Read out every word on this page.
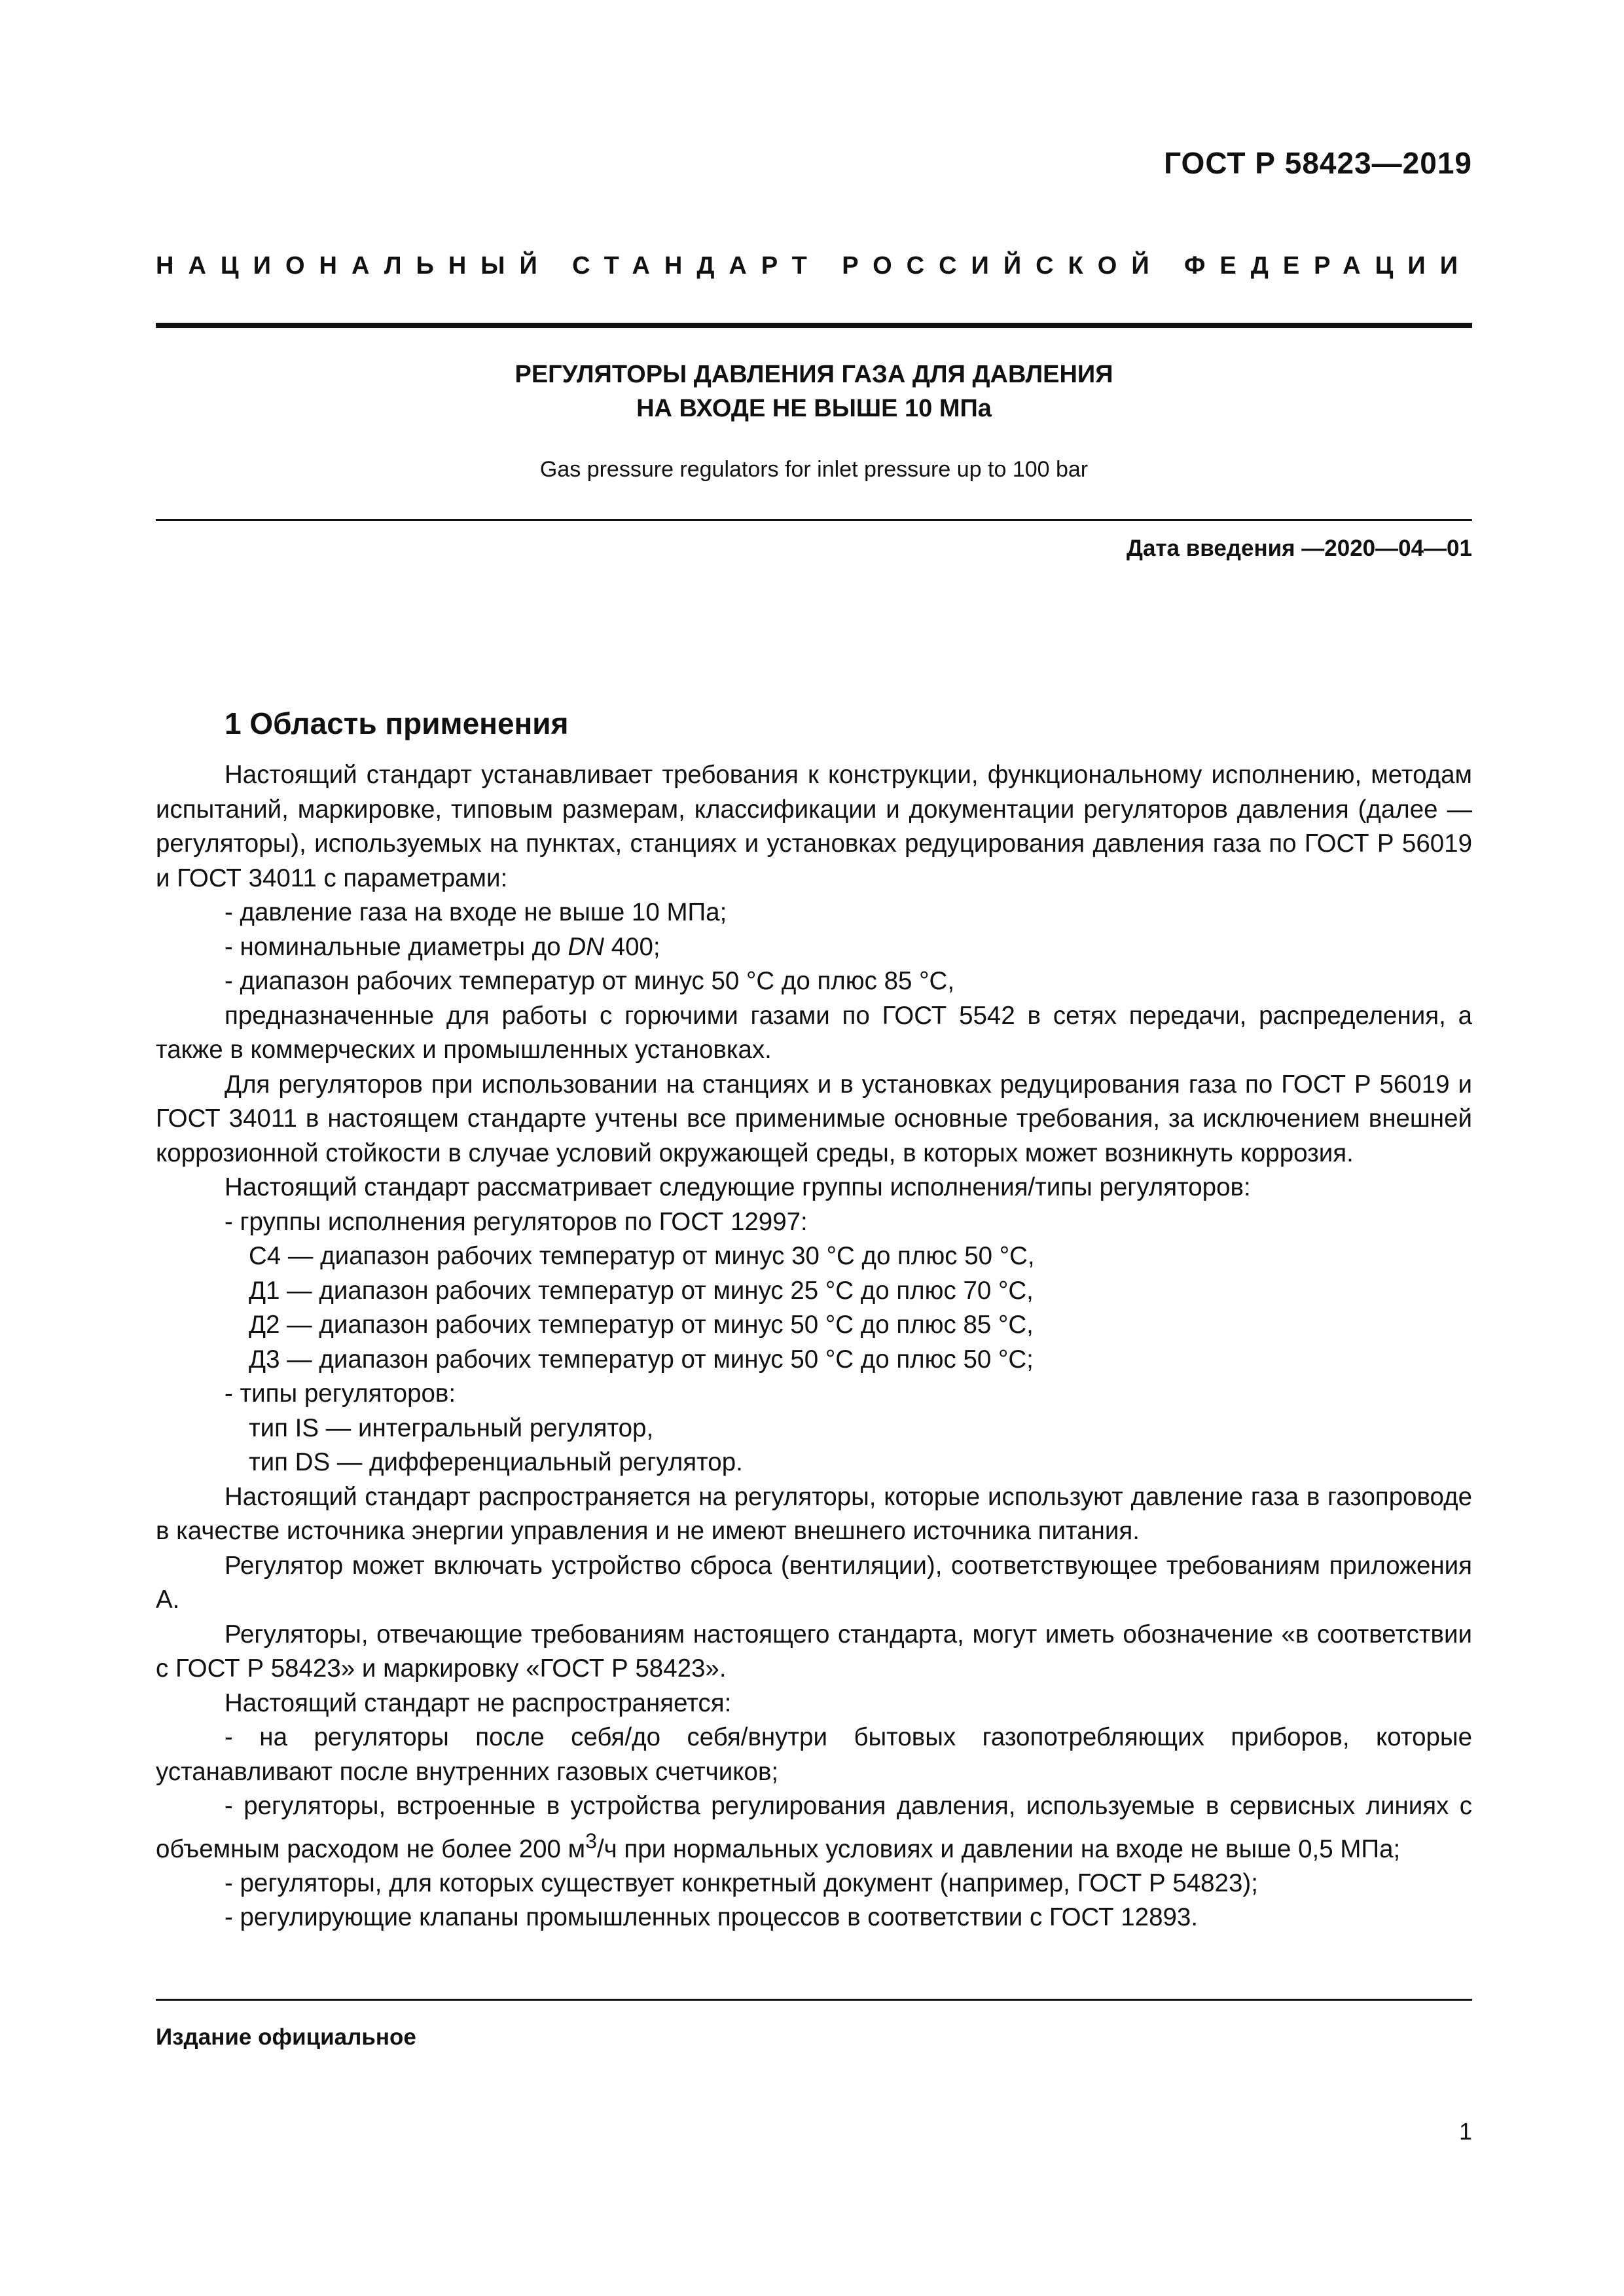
ГОСТ Р 58423—2019
НАЦИОНАЛЬНЫЙ СТАНДАРТ РОССИЙСКОЙ ФЕДЕРАЦИИ
РЕГУЛЯТОРЫ ДАВЛЕНИЯ ГАЗА ДЛЯ ДАВЛЕНИЯ
НА ВХОДЕ НЕ ВЫШЕ 10 МПа
Gas pressure regulators for inlet pressure up to 100 bar
Дата введения —2020—04—01
1 Область применения

Настоящий стандарт устанавливает требования к конструкции, функциональному исполнению, методам испытаний, маркировке, типовым размерам, классификации и документации регуляторов давления (далее — регуляторы), используемых на пунктах, станциях и установках редуцирования давления газа по ГОСТ Р 56019 и ГОСТ 34011 с параметрами:

- давление газа на входе не выше 10 МПа;

- номинальные диаметры до DN 400;

- диапазон рабочих температур от минус 50 °С до плюс 85 °С,

предназначенные для работы с горючими газами по ГОСТ 5542 в сетях передачи, распределения, а также в коммерческих и промышленных установках.

Для регуляторов при использовании на станциях и в установках редуцирования газа по ГОСТ Р 56019 и ГОСТ 34011 в настоящем стандарте учтены все применимые основные требования, за исключением внешней коррозионной стойкости в случае условий окружающей среды, в которых может возникнуть коррозия.

Настоящий стандарт рассматривает следующие группы исполнения/типы регуляторов:

- группы исполнения регуляторов по ГОСТ 12997:

С4 — диапазон рабочих температур от минус 30 °С до плюс 50 °С,

Д1 — диапазон рабочих температур от минус 25 °С до плюс 70 °С,

Д2 — диапазон рабочих температур от минус 50 °С до плюс 85 °С,

Д3 — диапазон рабочих температур от минус 50 °С до плюс 50 °С;

- типы регуляторов:

тип IS — интегральный регулятор,

тип DS — дифференциальный регулятор.

Настоящий стандарт распространяется на регуляторы, которые используют давление газа в газопроводе в качестве источника энергии управления и не имеют внешнего источника питания.

Регулятор может включать устройство сброса (вентиляции), соответствующее требованиям приложения А.

Регуляторы, отвечающие требованиям настоящего стандарта, могут иметь обозначение «в соответствии с ГОСТ Р 58423» и маркировку «ГОСТ Р 58423».

Настоящий стандарт не распространяется:

- на регуляторы после себя/до себя/внутри бытовых газопотребляющих приборов, которые устанавливают после внутренних газовых счетчиков;

- регуляторы, встроенные в устройства регулирования давления, используемые в сервисных линиях с объемным расходом не более 200 $м^3/ч$ при нормальных условиях и давлении на входе не выше 0,5 МПа;

- регуляторы, для которых существует конкретный документ (например, ГОСТ Р 54823);

- регулирующие клапаны промышленных процессов в соответствии с ГОСТ 12893.

Издание официальное
1
